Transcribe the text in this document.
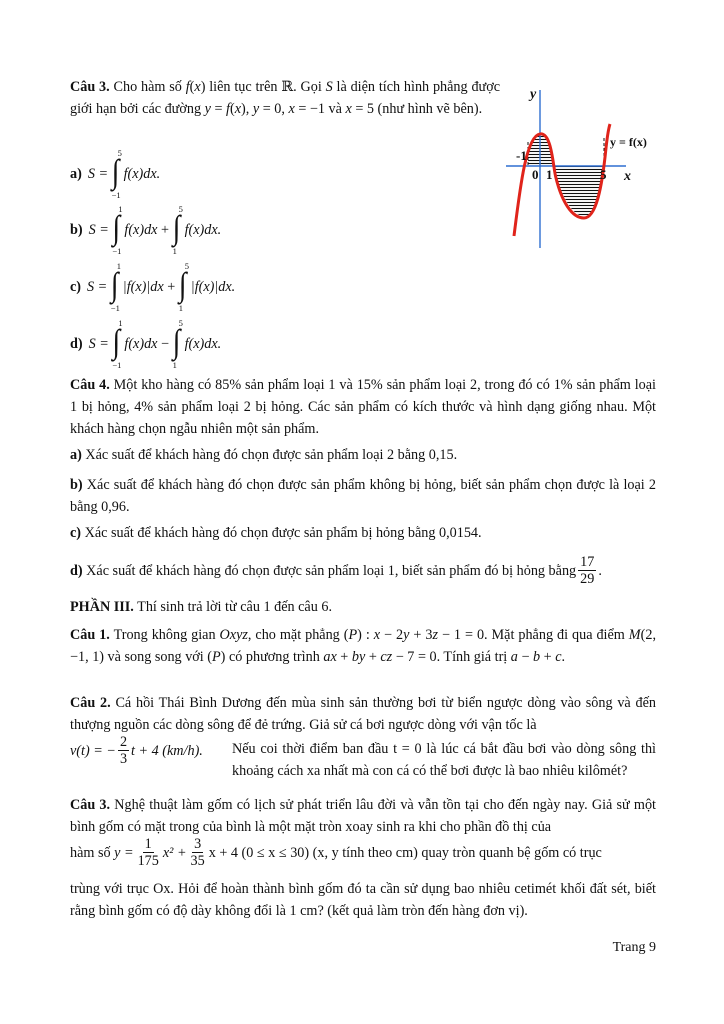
Câu 3. Cho hàm số f(x) liên tục trên ℝ. Gọi S là diện tích hình phẳng được giới hạn bởi các đường y = f(x), y = 0, x = −1 và x = 5 (như hình vẽ bên).
a) S =
∫
5
−1
f(x)dx.
b) S =
∫
1
−1
f(x)dx
+
∫
5
1
f(x)dx.
c) S =
∫
1
−1
|f(x)|dx
+
∫
5
1
|f(x)|dx.
d) S =
∫
1
−1
f(x)dx
−
∫
5
1
f(x)dx.
y
x
-1
0 1	5
y = f(x)
Câu 4. Một kho hàng có 85% sản phẩm loại 1 và 15% sản phẩm loại 2, trong đó có 1% sản phẩm loại 1 bị hỏng, 4% sản phẩm loại 2 bị hỏng. Các sản phẩm có kích thước và hình dạng giống nhau. Một khách hàng chọn ngẫu nhiên một sản phẩm.
a) Xác suất để khách hàng đó chọn được sản phẩm loại 2 bằng 0,15.
b) Xác suất để khách hàng đó chọn được sản phẩm không bị hỏng, biết sản phẩm chọn được là loại 2 bằng 0,96.
c) Xác suất để khách hàng đó chọn được sản phẩm bị hỏng bằng 0,0154.
d)
Xác suất để khách hàng đó chọn được sản phẩm loại 1, biết sản phẩm đó bị hỏng bằng $\frac{17}{29}$ .
PHẦN III. Thí sinh trả lời từ câu 1 đến câu 6.
Câu 1. Trong không gian Oxyz, cho mặt phẳng (P) : x − 2y + 3z − 1 = 0. Mặt phẳng đi qua điểm M(2, −1, 1) và song song với (P) có phương trình ax + by + cz − 7 = 0. Tính giá trị a − b + c.
Câu 2. Cá hồi Thái Bình Dương đến mùa sinh sản thường bơi từ biển ngược dòng vào sông và đến thượng nguồn các dòng sông để đẻ trứng. Giả sử cá bơi ngược dòng với vận tốc là
v(t) = − $\frac{2}{3}$ t + 4 (km/h).
Nếu coi thời điểm ban đầu t = 0 là lúc cá bắt đầu bơi vào dòng sông thì khoảng cách xa nhất mà con cá có thể bơi được là bao nhiêu kilômét?
Câu 3. Nghệ thuật làm gốm có lịch sử phát triển lâu đời và vẫn tồn tại cho đến ngày nay. Giả sử một bình gốm có mặt trong của bình là một mặt tròn xoay sinh ra khi cho phần đồ thị của
hàm số
$y = \frac{1}{175} x^2 + \frac{3}{35}$ x + 4 (0 ≤ x ≤ 30) (x, y tính theo cm) quay tròn quanh bệ gốm có trục
trùng với trục Ox. Hỏi để hoàn thành bình gốm đó ta cần sử dụng bao nhiêu cetimét khối đất sét, biết rằng bình gốm có độ dày không đổi là 1 cm? (kết quả làm tròn đến hàng đơn vị).
Trang 9
